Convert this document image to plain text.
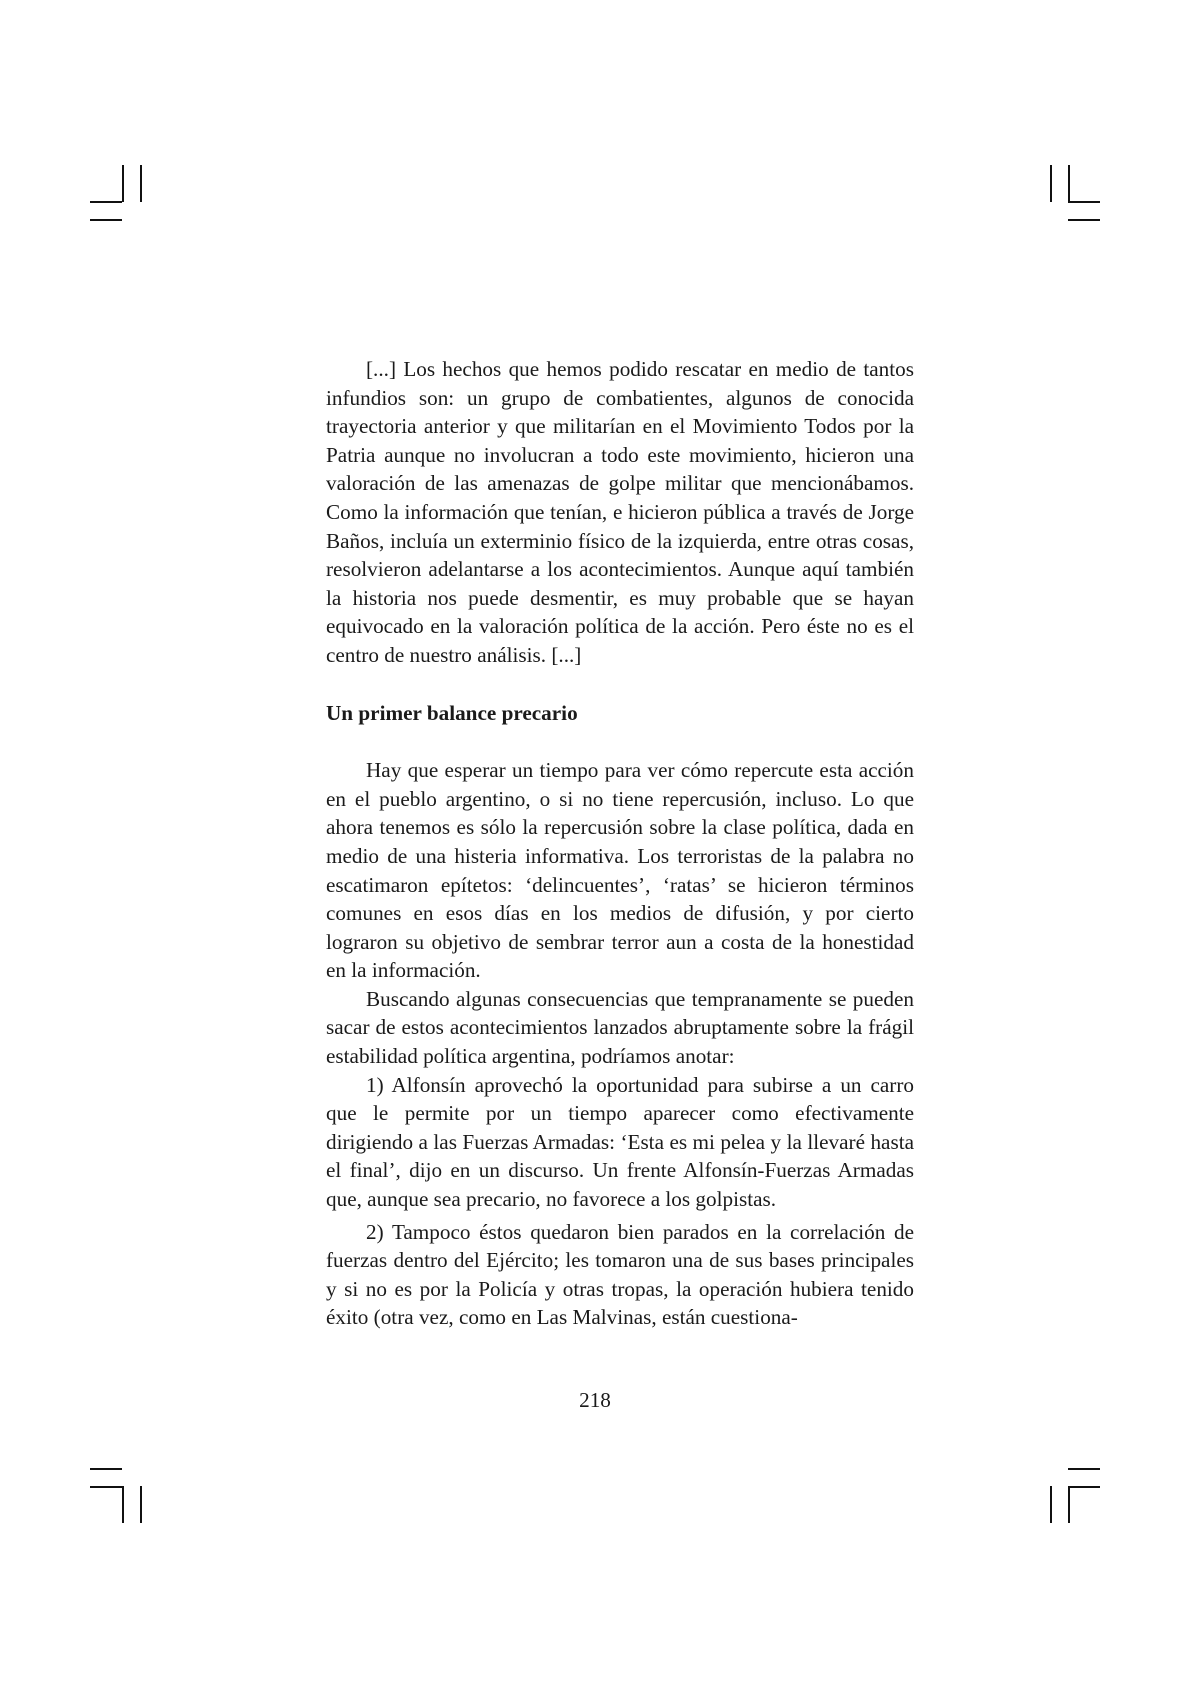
[...] Los hechos que hemos podido rescatar en medio de tantos infundios son: un grupo de combatientes, algunos de conocida trayectoria anterior y que militarían en el Movimiento Todos por la Patria aunque no involucran a todo este movimiento, hicieron una valoración de las amenazas de golpe militar que mencionábamos. Como la información que tenían, e hicieron pública a través de Jorge Baños, incluía un exterminio físico de la izquierda, entre otras cosas, resolvieron adelantarse a los acontecimientos. Aunque aquí también la historia nos puede desmentir, es muy probable que se hayan equivocado en la valoración política de la acción. Pero éste no es el centro de nuestro análisis. [...]

Un primer balance precario

Hay que esperar un tiempo para ver cómo repercute esta acción en el pueblo argentino, o si no tiene repercusión, incluso. Lo que ahora tenemos es sólo la repercusión sobre la clase política, dada en medio de una histeria informativa. Los terroristas de la palabra no escatimaron epítetos: ‘delincuentes’, ‘ratas’ se hicieron términos comunes en esos días en los medios de difusión, y por cierto lograron su objetivo de sembrar terror aun a costa de la honestidad en la información.

Buscando algunas consecuencias que tempranamente se pueden sacar de estos acontecimientos lanzados abruptamente sobre la frágil estabilidad política argentina, podríamos anotar:

1) Alfonsín aprovechó la oportunidad para subirse a un carro que le permite por un tiempo aparecer como efectivamente dirigiendo a las Fuerzas Armadas: ‘Esta es mi pelea y la llevaré hasta el final’, dijo en un discurso. Un frente Alfonsín-Fuerzas Armadas que, aunque sea precario, no favorece a los golpistas.

2) Tampoco éstos quedaron bien parados en la correlación de fuerzas dentro del Ejército; les tomaron una de sus bases principales y si no es por la Policía y otras tropas, la operación hubiera tenido éxito (otra vez, como en Las Malvinas, están cuestiona-

218
